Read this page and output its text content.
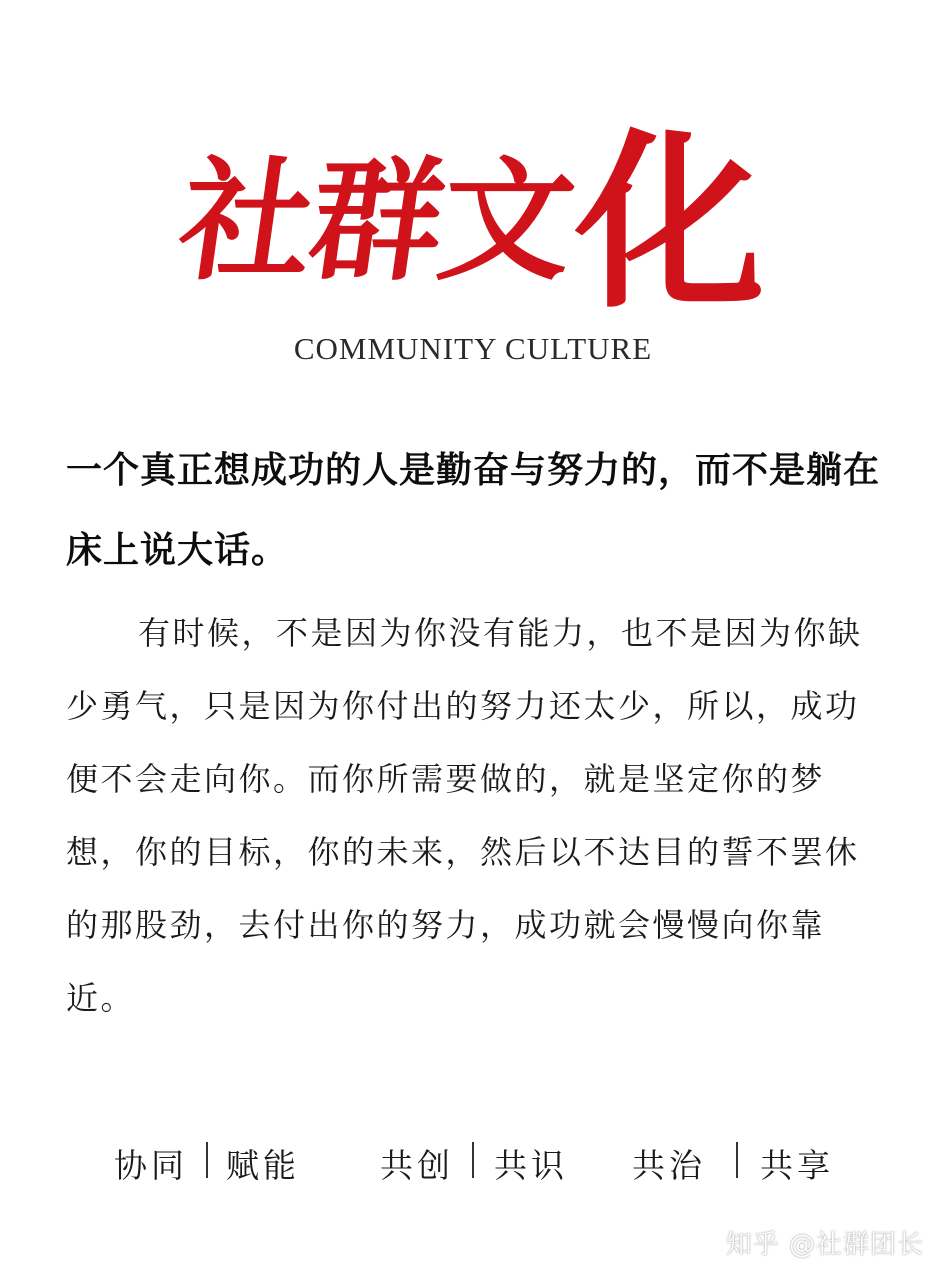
社群文化
COMMUNITY CULTURE
一个真正想成功的人是勤奋与努力的，而不是躺在床上说大话。
有时候，不是因为你没有能力，也不是因为你缺少勇气，只是因为你付出的努力还太少，所以，成功便不会走向你。而你所需要做的，就是坚定你的梦想，你的目标，你的未来，然后以不达目的誓不罢休的那股劲，去付出你的努力，成功就会慢慢向你靠近。
协同 赋能 共创 共识 共治 共享
知乎 @社群团长
